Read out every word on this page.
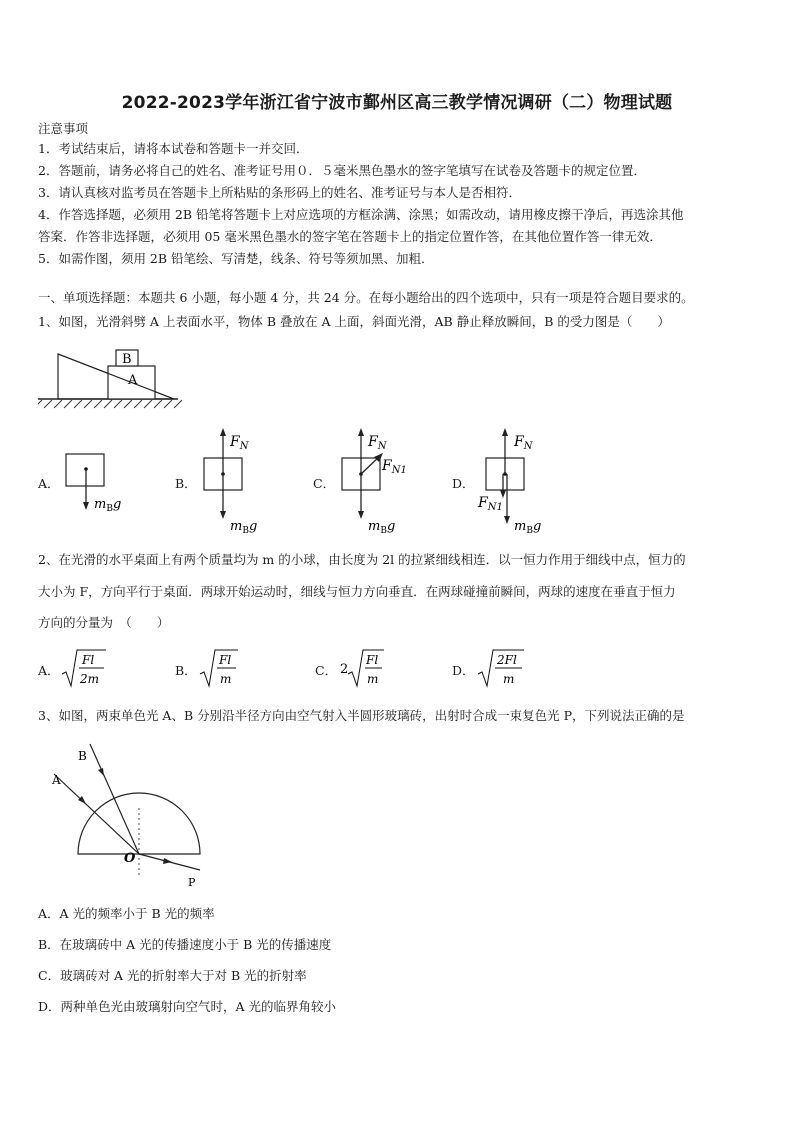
2022-2023学年浙江省宁波市鄞州区高三教学情况调研（二）物理试题
注意事项
1．考试结束后，请将本试卷和答题卡一并交回．
2．答题前，请务必将自己的姓名、准考证号用０．５毫米黑色墨水的签字笔填写在试卷及答题卡的规定位置．
3．请认真核对监考员在答题卡上所粘贴的条形码上的姓名、准考证号与本人是否相符．
4．作答选择题，必须用 2B 铅笔将答题卡上对应选项的方框涂满、涂黑；如需改动，请用橡皮擦干净后，再选涂其他
答案．作答非选择题，必须用 05 毫米黑色墨水的签字笔在答题卡上的指定位置作答，在其他位置作答一律无效．
5．如需作图，须用 2B 铅笔绘、写清楚，线条、符号等须加黑、加粗．
一、单项选择题：本题共 6 小题，每小题 4 分，共 24 分。在每小题给出的四个选项中，只有一项是符合题目要求的。
1、如图，光滑斜劈 A 上表面水平，物体 B 叠放在 A 上面，斜面光滑，AB 静止释放瞬间，B 的受力图是（　　）
B
A
A．
$m_Bg$
B．
$F_N$
$m_Bg$
C．
$F_N$
$F_{N1}$
$m_Bg$
D．
$F_N$
$F_{N1}$
$m_Bg$
2、在光滑的水平桌面上有两个质量均为 m 的小球，由长度为 2l 的拉紧细线相连．以一恒力作用于细线中点，恒力的
大小为 F，方向平行于桌面．两球开始运动时，细线与恒力方向垂直．在两球碰撞前瞬间，两球的速度在垂直于恒力
方向的分量为　（　　）
A．
Fl
2m
B．
Fl
m
C． 2
Fl
m
D．
2Fl
m
3、如图，两束单色光 A、B 分别沿半径方向由空气射入半圆形玻璃砖，出射时合成一束复色光 P，下列说法正确的是
A
B
O
P
A．A 光的频率小于 B 光的频率
B．在玻璃砖中 A 光的传播速度小于 B 光的传播速度
C．玻璃砖对 A 光的折射率大于对 B 光的折射率
D．两种单色光由玻璃射向空气时，A 光的临界角较小
